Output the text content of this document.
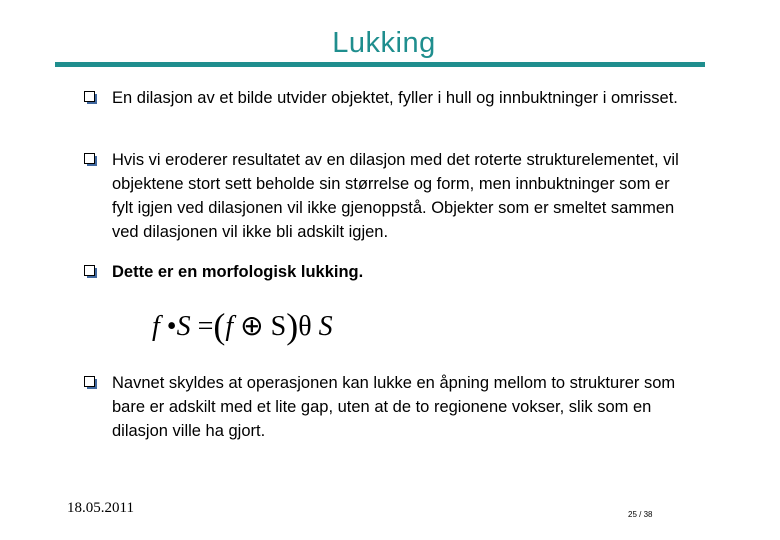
Lukking
En dilasjon av et bilde utvider objektet, fyller i hull og innbuktninger i omrisset.
Hvis vi eroderer resultatet av en dilasjon med det roterte strukturelementet, vil objektene stort sett beholde sin størrelse og form, men innbuktninger som er fylt igjen ved dilasjonen vil ikke gjenoppstå. Objekter som er smeltet sammen ved dilasjonen vil ikke bli adskilt igjen.
Dette er en morfologisk lukking.
f •S =(f ⊕ S)θ S
Navnet skyldes at operasjonen kan lukke en åpning mellom to strukturer som bare er adskilt med et lite gap, uten at de to regionene vokser, slik som en dilasjon ville ha gjort.
18.05.2011	25 / 38
